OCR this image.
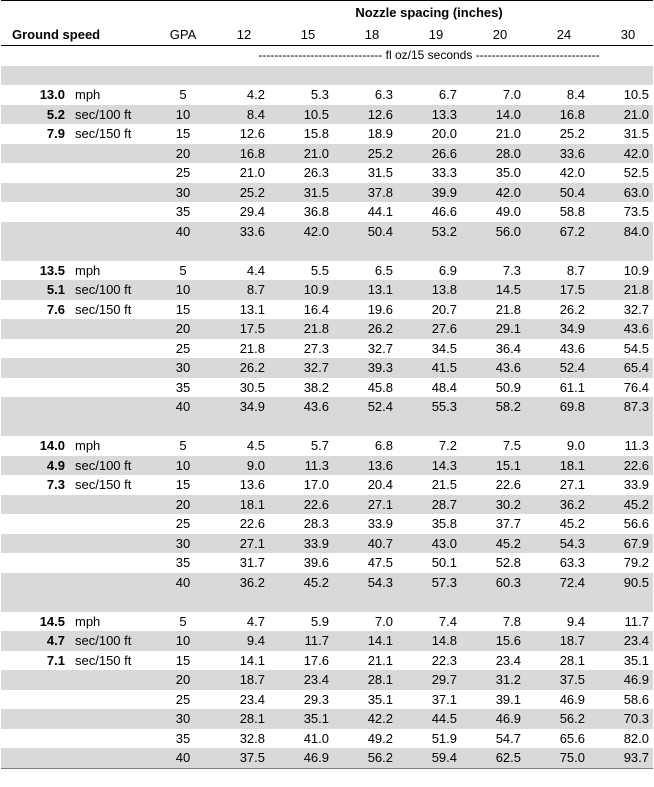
			Nozzle spacing (inches)						
Ground speed		GPA	12	15	18	19	20	24	30
			------------------------------- fl oz/15 seconds -------------------------------						

13.0	mph	5	4.2	5.3	6.3	6.7	7.0	8.4	10.5
5.2	sec/100 ft	10	8.4	10.5	12.6	13.3	14.0	16.8	21.0
7.9	sec/150 ft	15	12.6	15.8	18.9	20.0	21.0	25.2	31.5
		20	16.8	21.0	25.2	26.6	28.0	33.6	42.0
		25	21.0	26.3	31.5	33.3	35.0	42.0	52.5
		30	25.2	31.5	37.8	39.9	42.0	50.4	63.0
		35	29.4	36.8	44.1	46.6	49.0	58.8	73.5
		40	33.6	42.0	50.4	53.2	56.0	67.2	84.0

13.5	mph	5	4.4	5.5	6.5	6.9	7.3	8.7	10.9
5.1	sec/100 ft	10	8.7	10.9	13.1	13.8	14.5	17.5	21.8
7.6	sec/150 ft	15	13.1	16.4	19.6	20.7	21.8	26.2	32.7
		20	17.5	21.8	26.2	27.6	29.1	34.9	43.6
		25	21.8	27.3	32.7	34.5	36.4	43.6	54.5
		30	26.2	32.7	39.3	41.5	43.6	52.4	65.4
		35	30.5	38.2	45.8	48.4	50.9	61.1	76.4
		40	34.9	43.6	52.4	55.3	58.2	69.8	87.3

14.0	mph	5	4.5	5.7	6.8	7.2	7.5	9.0	11.3
4.9	sec/100 ft	10	9.0	11.3	13.6	14.3	15.1	18.1	22.6
7.3	sec/150 ft	15	13.6	17.0	20.4	21.5	22.6	27.1	33.9
		20	18.1	22.6	27.1	28.7	30.2	36.2	45.2
		25	22.6	28.3	33.9	35.8	37.7	45.2	56.6
		30	27.1	33.9	40.7	43.0	45.2	54.3	67.9
		35	31.7	39.6	47.5	50.1	52.8	63.3	79.2
		40	36.2	45.2	54.3	57.3	60.3	72.4	90.5

14.5	mph	5	4.7	5.9	7.0	7.4	7.8	9.4	11.7
4.7	sec/100 ft	10	9.4	11.7	14.1	14.8	15.6	18.7	23.4
7.1	sec/150 ft	15	14.1	17.6	21.1	22.3	23.4	28.1	35.1
		20	18.7	23.4	28.1	29.7	31.2	37.5	46.9
		25	23.4	29.3	35.1	37.1	39.1	46.9	58.6
		30	28.1	35.1	42.2	44.5	46.9	56.2	70.3
		35	32.8	41.0	49.2	51.9	54.7	65.6	82.0
		40	37.5	46.9	56.2	59.4	62.5	75.0	93.7
